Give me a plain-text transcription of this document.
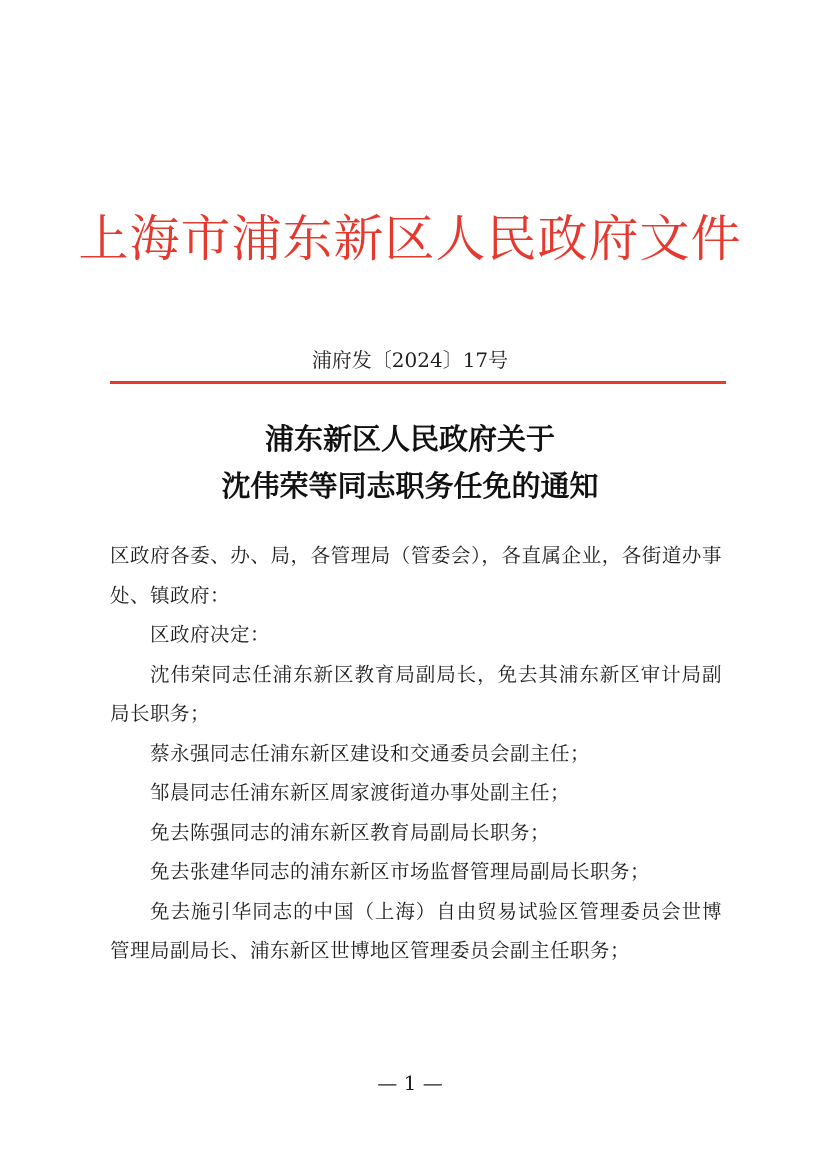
上海市浦东新区人民政府文件
浦府发〔2024〕17号
浦东新区人民政府关于
沈伟荣等同志职务任免的通知

区政府各委、办、局，各管理局（管委会），各直属企业，各街道办事处、镇政府：

区政府决定：

沈伟荣同志任浦东新区教育局副局长，免去其浦东新区审计局副局长职务；

蔡永强同志任浦东新区建设和交通委员会副主任；

邹晨同志任浦东新区周家渡街道办事处副主任；

免去陈强同志的浦东新区教育局副局长职务；

免去张建华同志的浦东新区市场监督管理局副局长职务；

免去施引华同志的中国（上海）自由贸易试验区管理委员会世博管理局副局长、浦东新区世博地区管理委员会副主任职务；

— 1 —
